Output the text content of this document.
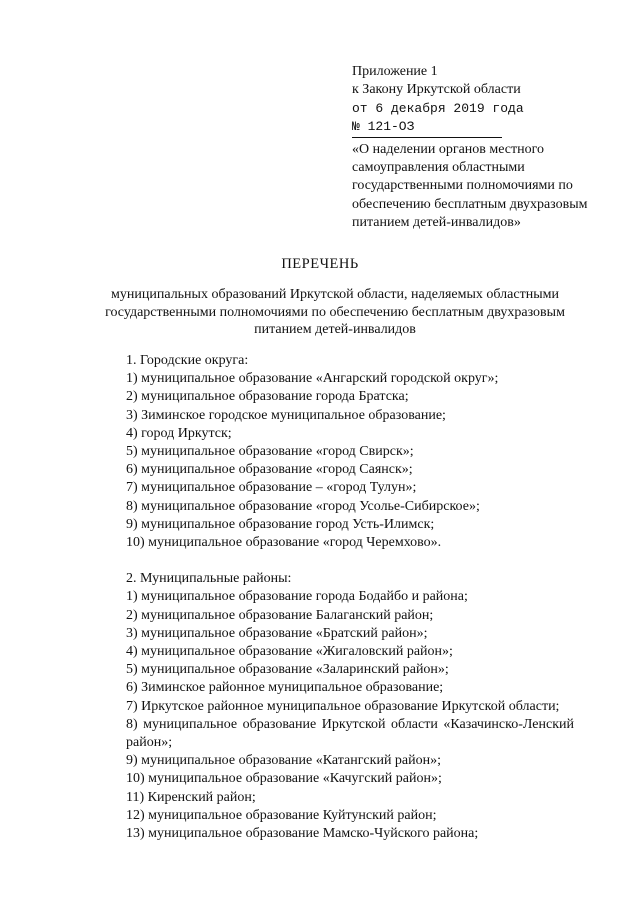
Приложение 1
к Закону Иркутской области
от 6 декабря 2019 года
№ 121-ОЗ
«О наделении органов местного самоуправления областными государственными полномочиями по обеспечению бесплатным двухразовым питанием детей-инвалидов»
ПЕРЕЧЕНЬ
муниципальных образований Иркутской области, наделяемых областными государственными полномочиями по обеспечению бесплатным двухразовым питанием детей-инвалидов
1. Городские округа:
1) муниципальное образование «Ангарский городской округ»;
2) муниципальное образование города Братска;
3) Зиминское городское муниципальное образование;
4) город Иркутск;
5) муниципальное образование «город Свирск»;
6) муниципальное образование «город Саянск»;
7) муниципальное образование – «город Тулун»;
8) муниципальное образование «город Усолье-Сибирское»;
9) муниципальное образование город Усть-Илимск;
10) муниципальное образование «город Черемхово».
2. Муниципальные районы:
1) муниципальное образование города Бодайбо и района;
2) муниципальное образование Балаганский район;
3) муниципальное образование «Братский район»;
4) муниципальное образование «Жигаловский район»;
5) муниципальное образование «Заларинский район»;
6) Зиминское районное муниципальное образование;
7) Иркутское районное муниципальное образование Иркутской области;
8) муниципальное образование Иркутской области «Казачинско-Ленский район»;
9) муниципальное образование «Катангский район»;
10) муниципальное образование «Качугский район»;
11) Киренский район;
12) муниципальное образование Куйтунский район;
13) муниципальное образование Мамско-Чуйского района;
